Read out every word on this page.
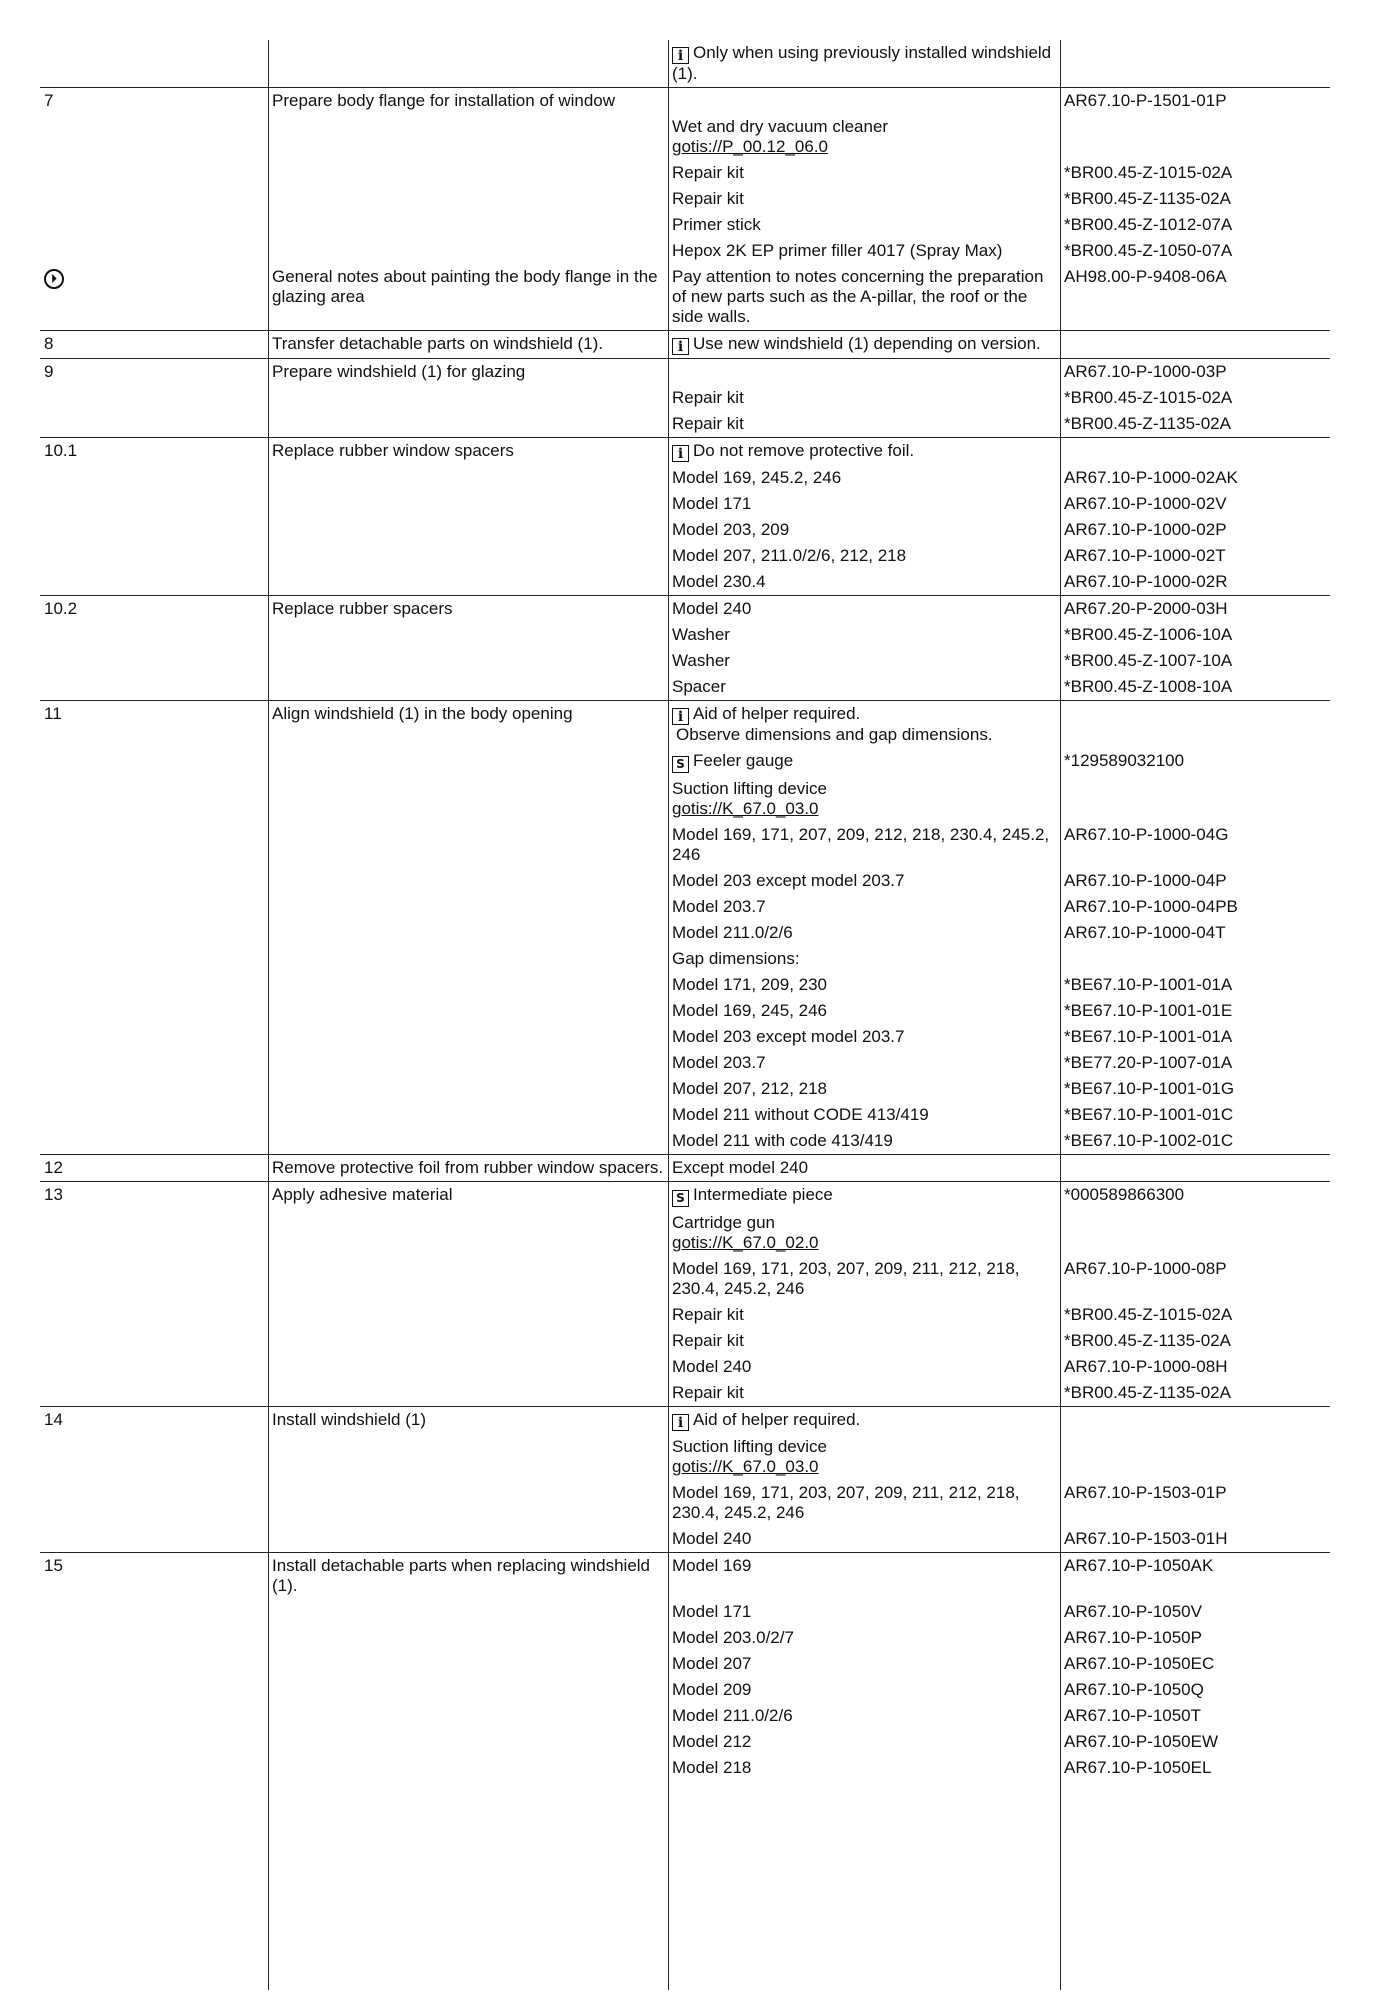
		i Only when using previously installed windshield (1).	
7	Prepare body flange for installation of window		AR67.10-P-1501-01P
		Wet and dry vacuum cleaner
gotis://P_00.12_06.0	
		Repair kit	*BR00.45-Z-1015-02A
		Repair kit	*BR00.45-Z-1135-02A
		Primer stick	*BR00.45-Z-1012-07A
		Hepox 2K EP primer filler 4017 (Spray Max)	*BR00.45-Z-1050-07A
⏵	General notes about painting the body flange in the glazing area	Pay attention to notes concerning the preparation of new parts such as the A-pillar, the roof or the side walls.	AH98.00-P-9408-06A
8	Transfer detachable parts on windshield (1).	i Use new windshield (1) depending on version.	
9	Prepare windshield (1) for glazing		AR67.10-P-1000-03P
		Repair kit	*BR00.45-Z-1015-02A
		Repair kit	*BR00.45-Z-1135-02A
10.1	Replace rubber window spacers	i Do not remove protective foil.	
		Model 169, 245.2, 246	AR67.10-P-1000-02AK
		Model 171	AR67.10-P-1000-02V
		Model 203, 209	AR67.10-P-1000-02P
		Model 207, 211.0/2/6, 212, 218	AR67.10-P-1000-02T
		Model 230.4	AR67.10-P-1000-02R
10.2	Replace rubber spacers	Model 240	AR67.20-P-2000-03H
		Washer	*BR00.45-Z-1006-10A
		Washer	*BR00.45-Z-1007-10A
		Spacer	*BR00.45-Z-1008-10A
11	Align windshield (1) in the body opening	i Aid of helper required.
Observe dimensions and gap dimensions.	
		S Feeler gauge	*129589032100
		Suction lifting device
gotis://K_67.0_03.0	
		Model 169, 171, 207, 209, 212, 218, 230.4, 245.2, 246	AR67.10-P-1000-04G
		Model 203 except model 203.7	AR67.10-P-1000-04P
		Model 203.7	AR67.10-P-1000-04PB
		Model 211.0/2/6	AR67.10-P-1000-04T
		Gap dimensions:	
		Model 171, 209, 230	*BE67.10-P-1001-01A
		Model 169, 245, 246	*BE67.10-P-1001-01E
		Model 203 except model 203.7	*BE67.10-P-1001-01A
		Model 203.7	*BE77.20-P-1007-01A
		Model 207, 212, 218	*BE67.10-P-1001-01G
		Model 211 without CODE 413/419	*BE67.10-P-1001-01C
		Model 211 with code 413/419	*BE67.10-P-1002-01C
12	Remove protective foil from rubber window spacers.	Except model 240	
13	Apply adhesive material	S Intermediate piece	*000589866300
		Cartridge gun
gotis://K_67.0_02.0	
		Model 169, 171, 203, 207, 209, 211, 212, 218, 230.4, 245.2, 246	AR67.10-P-1000-08P
		Repair kit	*BR00.45-Z-1015-02A
		Repair kit	*BR00.45-Z-1135-02A
		Model 240	AR67.10-P-1000-08H
		Repair kit	*BR00.45-Z-1135-02A
14	Install windshield (1)	i Aid of helper required.	
		Suction lifting device
gotis://K_67.0_03.0	
		Model 169, 171, 203, 207, 209, 211, 212, 218, 230.4, 245.2, 246	AR67.10-P-1503-01P
		Model 240	AR67.10-P-1503-01H
15	Install detachable parts when replacing windshield (1).	Model 169	AR67.10-P-1050AK
		Model 171	AR67.10-P-1050V
		Model 203.0/2/7	AR67.10-P-1050P
		Model 207	AR67.10-P-1050EC
		Model 209	AR67.10-P-1050Q
		Model 211.0/2/6	AR67.10-P-1050T
		Model 212	AR67.10-P-1050EW
		Model 218	AR67.10-P-1050EL
